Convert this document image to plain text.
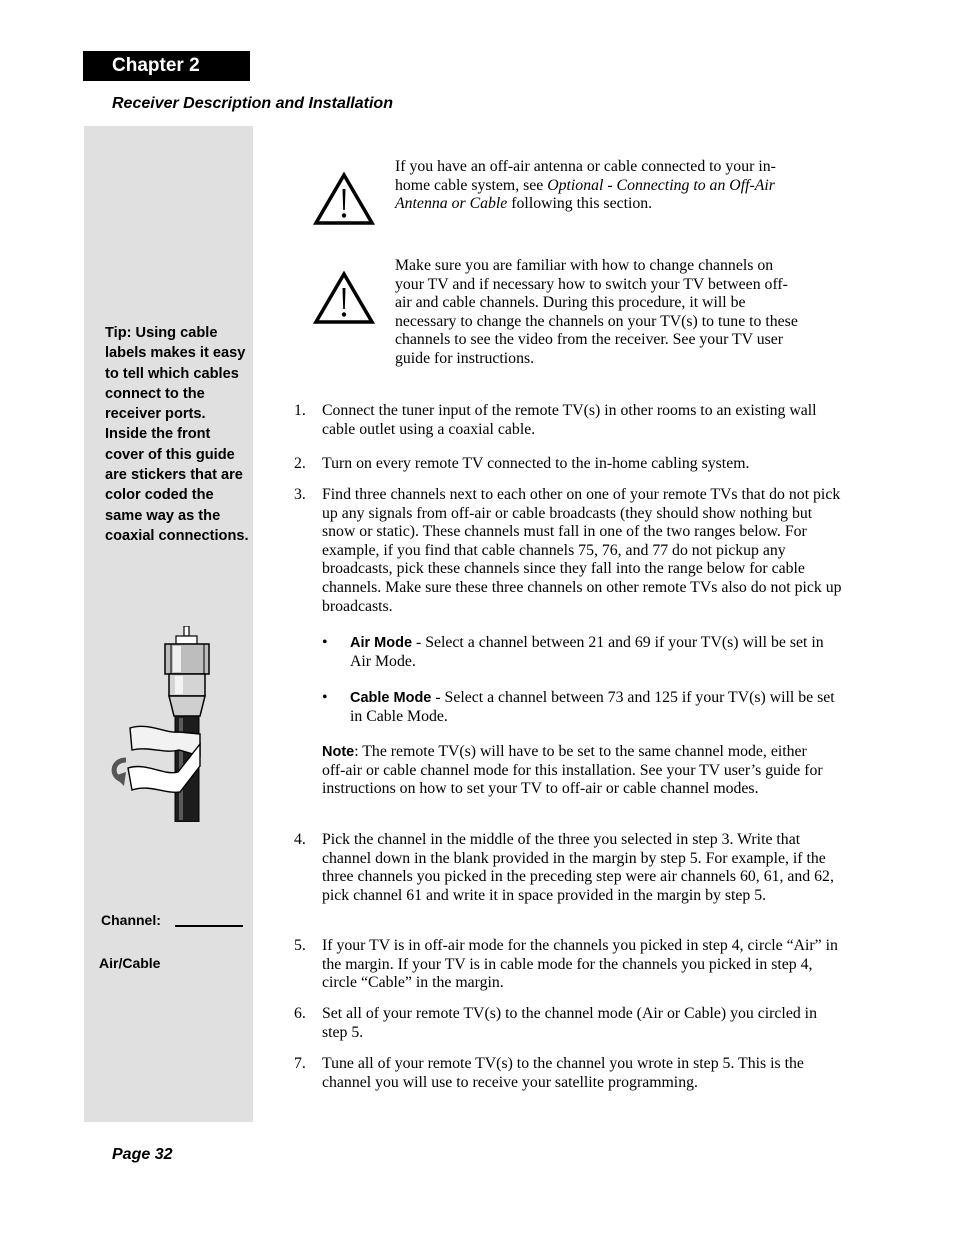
Chapter 2
Receiver Description and Installation
Tip: Using cable labels makes it easy to tell which cables connect to the receiver ports. Inside the front cover of this guide are stickers that are color coded the same way as the coaxial connections.
Channel:
Air/Cable
If you have an off-air antenna or cable connected to your in-home cable system, see Optional - Connecting to an Off-Air Antenna or Cable following this section.
Make sure you are familiar with how to change channels on your TV and if necessary how to switch your TV between off-air and cable channels. During this procedure, it will be necessary to change the channels on your TV(s) to tune to these channels to see the video from the receiver. See your TV user guide for instructions.
1. Connect the tuner input of the remote TV(s) in other rooms to an existing wall cable outlet using a coaxial cable.
2. Turn on every remote TV connected to the in-home cabling system.
3. Find three channels next to each other on one of your remote TVs that do not pick up any signals from off-air or cable broadcasts (they should show nothing but snow or static). These channels must fall in one of the two ranges below. For example, if you find that cable channels 75, 76, and 77 do not pickup any broadcasts, pick these channels since they fall into the range below for cable channels. Make sure these three channels on other remote TVs also do not pick up broadcasts.
• Air Mode - Select a channel between 21 and 69 if your TV(s) will be set in Air Mode.
• Cable Mode - Select a channel between 73 and 125 if your TV(s) will be set in Cable Mode.
Note: The remote TV(s) will have to be set to the same channel mode, either off-air or cable channel mode for this installation. See your TV user’s guide for instructions on how to set your TV to off-air or cable channel modes.
4. Pick the channel in the middle of the three you selected in step 3. Write that channel down in the blank provided in the margin by step 5. For example, if the three channels you picked in the preceding step were air channels 60, 61, and 62, pick channel 61 and write it in space provided in the margin by step 5.
5. If your TV is in off-air mode for the channels you picked in step 4, circle “Air” in the margin. If your TV is in cable mode for the channels you picked in step 4, circle “Cable” in the margin.
6. Set all of your remote TV(s) to the channel mode (Air or Cable) you circled in step 5.
7. Tune all of your remote TV(s) to the channel you wrote in step 5. This is the channel you will use to receive your satellite programming.
Page 32
